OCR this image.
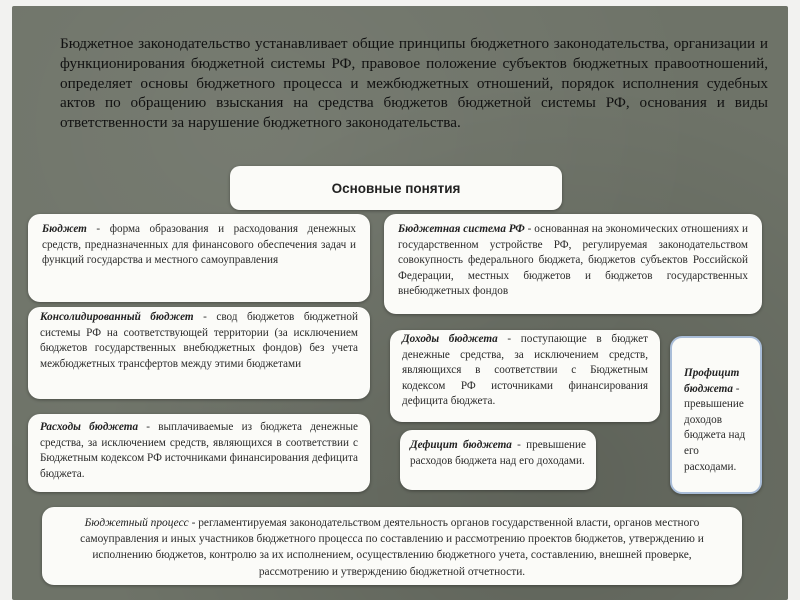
Бюджетное законодательство устанавливает общие принципы бюджетного законодательства, организации и функционирования бюджетной системы РФ, правовое положение субъектов бюджетных правоотношений, определяет основы бюджетного процесса и межбюджетных отношений, порядок исполнения судебных актов по обращению взыскания на средства бюджетов бюджетной системы РФ, основания и виды ответственности за нарушение бюджетного законодательства.

Основные понятия
Бюджет - форма образования и расходования денежных средств, предназначенных для финансового обеспечения задач и функций государства и местного самоуправления
Бюджетная система РФ - основанная на экономических отношениях и государственном устройстве РФ, регулируемая законодательством совокупность федерального бюджета, бюджетов субъектов Российской Федерации, местных бюджетов и бюджетов государственных внебюджетных фондов
Консолидированный бюджет - свод бюджетов бюджетной системы РФ на соответствующей территории (за исключением бюджетов государственных внебюджетных фондов) без учета межбюджетных трансфертов между этими бюджетами
Доходы бюджета - поступающие в бюджет денежные средства, за исключением средств, являющихся в соответствии с Бюджетным кодексом РФ источниками финансирования дефицита бюджета.
Профицит бюджета - превышение доходов бюджета над его расходами.
Расходы бюджета - выплачиваемые из бюджета денежные средства, за исключением средств, являющихся в соответствии с Бюджетным кодексом РФ источниками финансирования дефицита бюджета.
Дефицит бюджета - превышение расходов бюджета над его доходами.
Бюджетный процесс - регламентируемая законодательством деятельность органов государственной власти, органов местного самоуправления и иных участников бюджетного процесса по составлению и рассмотрению проектов бюджетов, утверждению и исполнению бюджетов, контролю за их исполнением, осуществлению бюджетного учета, составлению, внешней проверке, рассмотрению и утверждению бюджетной отчетности.
